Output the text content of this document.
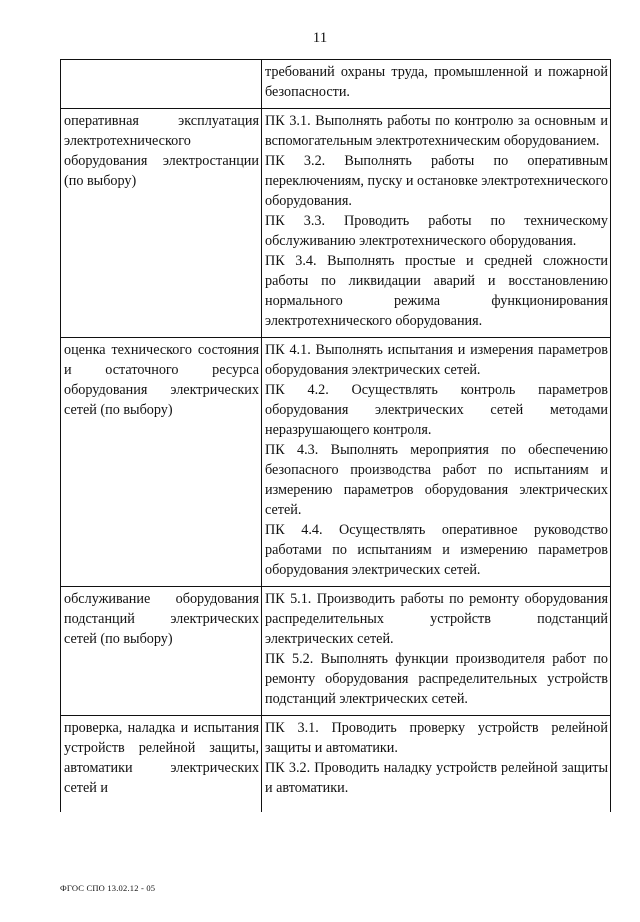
11

	требований охраны труда, промышленной и пожарной безопасности.

оперативная эксплуатация электротехнического оборудования электростанции (по выбору)	ПК 3.1. Выполнять работы по контролю за основным и вспомогательным электротехническим оборудованием.

ПК 3.2. Выполнять работы по оперативным переключениям, пуску и остановке электротехнического оборудования.

ПК 3.3. Проводить работы по техническому обслуживанию электротехнического оборудования.

ПК 3.4. Выполнять простые и средней сложности работы по ликвидации аварий и восстановлению нормального режима функционирования электротехнического оборудования.

оценка технического состояния и остаточного ресурса оборудования электрических сетей (по выбору)	ПК 4.1. Выполнять испытания и измерения параметров оборудования электрических сетей.

ПК 4.2. Осуществлять контроль параметров оборудования электрических сетей методами неразрушающего контроля.

ПК 4.3. Выполнять мероприятия по обеспечению безопасного производства работ по испытаниям и измерению параметров оборудования электрических сетей.

ПК 4.4. Осуществлять оперативное руководство работами по испытаниям и измерению параметров оборудования электрических сетей.

обслуживание оборудования подстанций электрических сетей (по выбору)	ПК 5.1. Производить работы по ремонту оборудования распределительных устройств подстанций электрических сетей.

ПК 5.2. Выполнять функции производителя работ по ремонту оборудования распределительных устройств подстанций электрических сетей.

проверка, наладка и испытания устройств релейной защиты, автоматики электрических сетей и	ПК 3.1. Проводить проверку устройств релейной защиты и автоматики.

ПК 3.2. Проводить наладку устройств релейной защиты и автоматики.

ФГОС СПО 13.02.12 - 05
